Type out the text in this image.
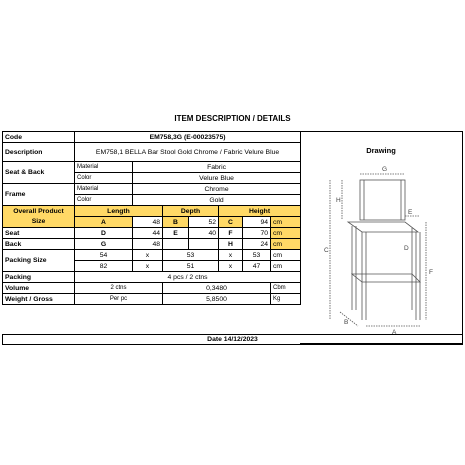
ITEM DESCRIPTION / DETAILS
Code	EM758,3G (E-00023575)						
Description	EM758,1 BELLA Bar Stool Gold Chrome / Fabric Velure Blue						
Seat & Back	Material	Fabric					
	Color	Velure Blue					
Frame	Material	Chrome					
	Color	Gold					
Overall Product	Length		Depth		Height		
Size	A	48	B	52	C	94	cm
Seat	D	44	E	40	F	70	cm
Back	G	48			H	24	cm
Packing Size	54	x	53		x	53	cm
	82	x	51		x	47	cm
Packing	4 pcs / 2 ctns						
Volume	2 ctns		0,3480				Cbm
Weight / Gross	Per pc		5,8500				Kg
Drawing
G
H
E
C
F
B
D
A
Date 14/12/2023
